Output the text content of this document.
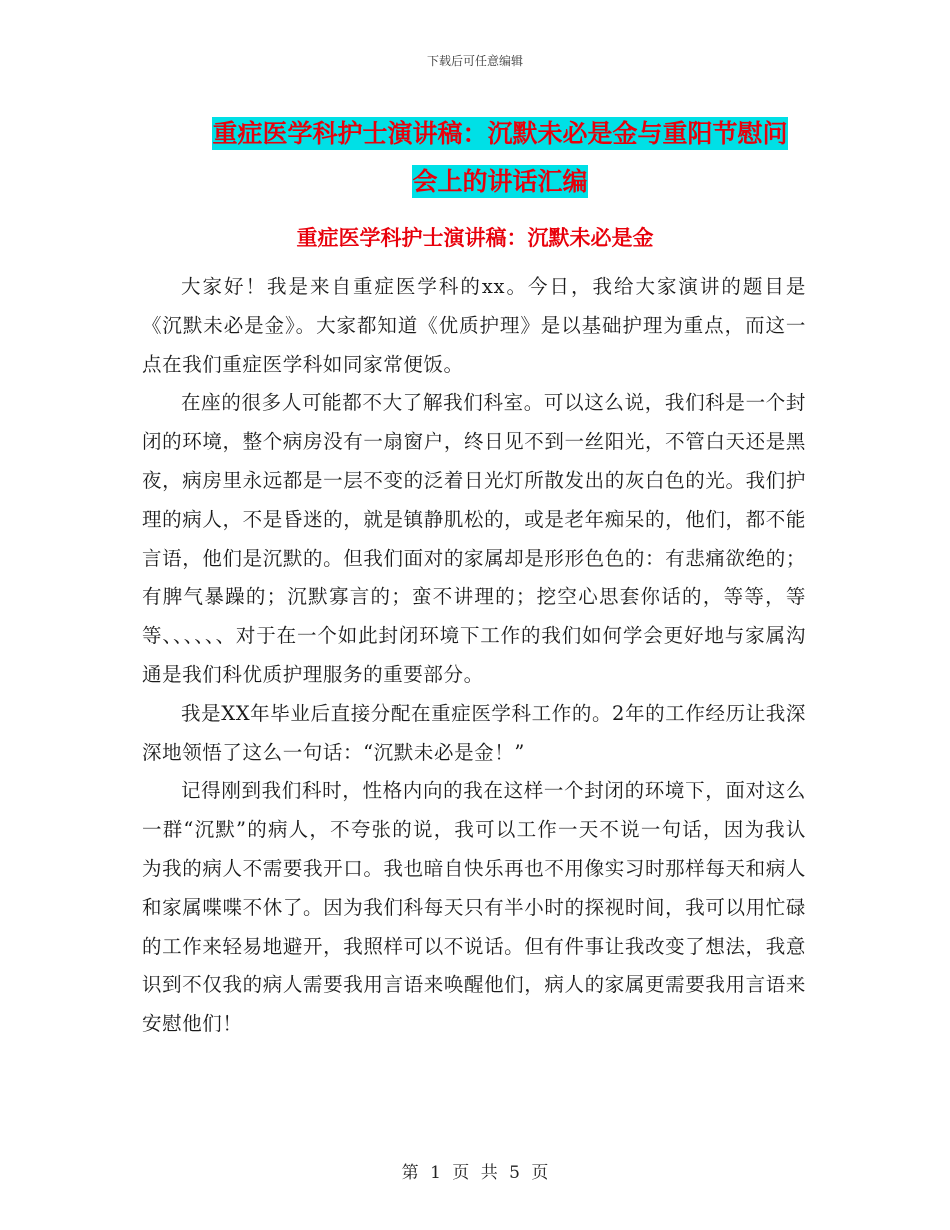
下载后可任意编辑
重症医学科护士演讲稿：沉默未必是金与重阳节慰问
会上的讲话汇编
重症医学科护士演讲稿：沉默未必是金

大家好！我是来自重症医学科的xx。今日，我给大家演讲的题目是《沉默未必是金》。大家都知道《优质护理》是以基础护理为重点，而这一点在我们重症医学科如同家常便饭。

在座的很多人可能都不大了解我们科室。可以这么说，我们科是一个封闭的环境，整个病房没有一扇窗户，终日见不到一丝阳光，不管白天还是黑夜，病房里永远都是一层不变的泛着日光灯所散发出的灰白色的光。我们护理的病人，不是昏迷的，就是镇静肌松的，或是老年痴呆的，他们，都不能言语，他们是沉默的。但我们面对的家属却是形形色色的：有悲痛欲绝的；有脾气暴躁的；沉默寡言的；蛮不讲理的；挖空心思套你话的，等等，等等、、、、、、对于在一个如此封闭环境下工作的我们如何学会更好地与家属沟通是我们科优质护理服务的重要部分。

我是XX年毕业后直接分配在重症医学科工作的。2年的工作经历让我深深地领悟了这么一句话：“沉默未必是金！”

记得刚到我们科时，性格内向的我在这样一个封闭的环境下，面对这么一群“沉默”的病人，不夸张的说，我可以工作一天不说一句话，因为我认为我的病人不需要我开口。我也暗自快乐再也不用像实习时那样每天和病人和家属喋喋不休了。因为我们科每天只有半小时的探视时间，我可以用忙碌的工作来轻易地避开，我照样可以不说话。但有件事让我改变了想法，我意识到不仅我的病人需要我用言语来唤醒他们，病人的家属更需要我用言语来安慰他们！

第 1 页 共 5 页
